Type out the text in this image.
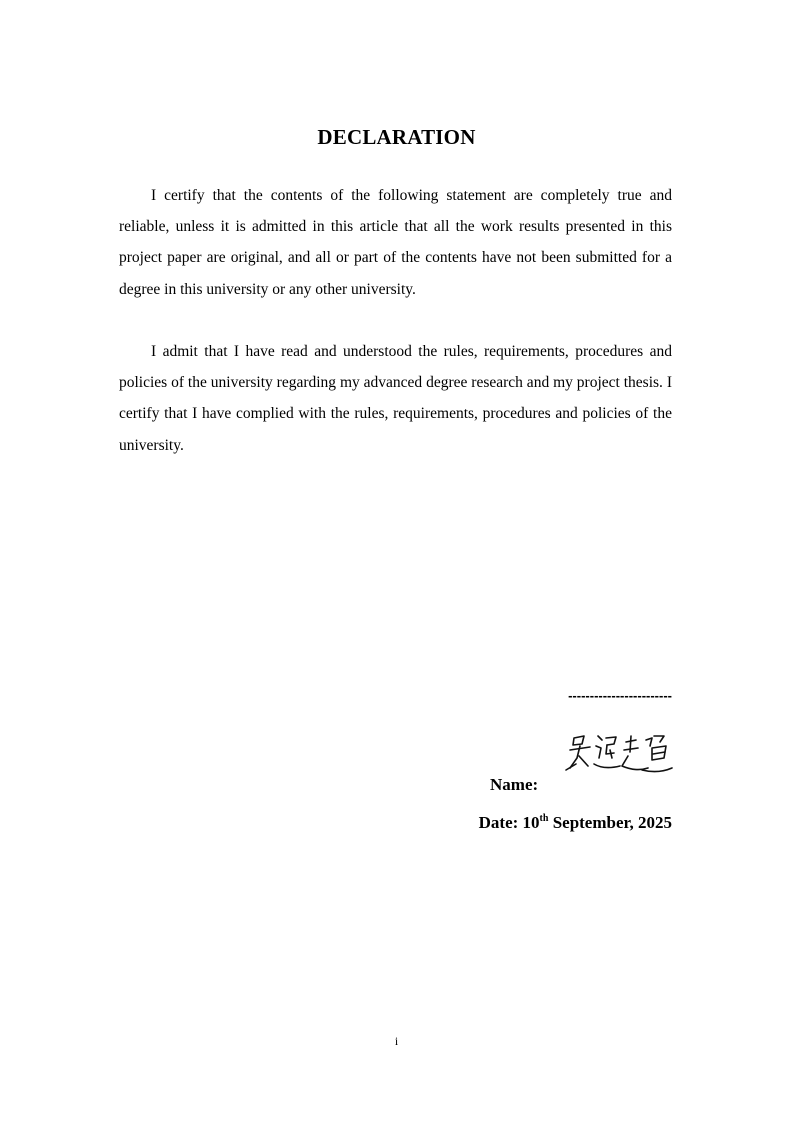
DECLARATION

I certify that the contents of the following statement are completely true and reliable, unless it is admitted in this article that all the work results presented in this project paper are original, and all or part of the contents have not been submitted for a degree in this university or any other university.

I admit that I have read and understood the rules, requirements, procedures and policies of the university regarding my advanced degree research and my project thesis. I certify that I have complied with the rules, requirements, procedures and policies of the university.

------------------------
吴逸超
Name:
Date: 10th September, 2025
i
